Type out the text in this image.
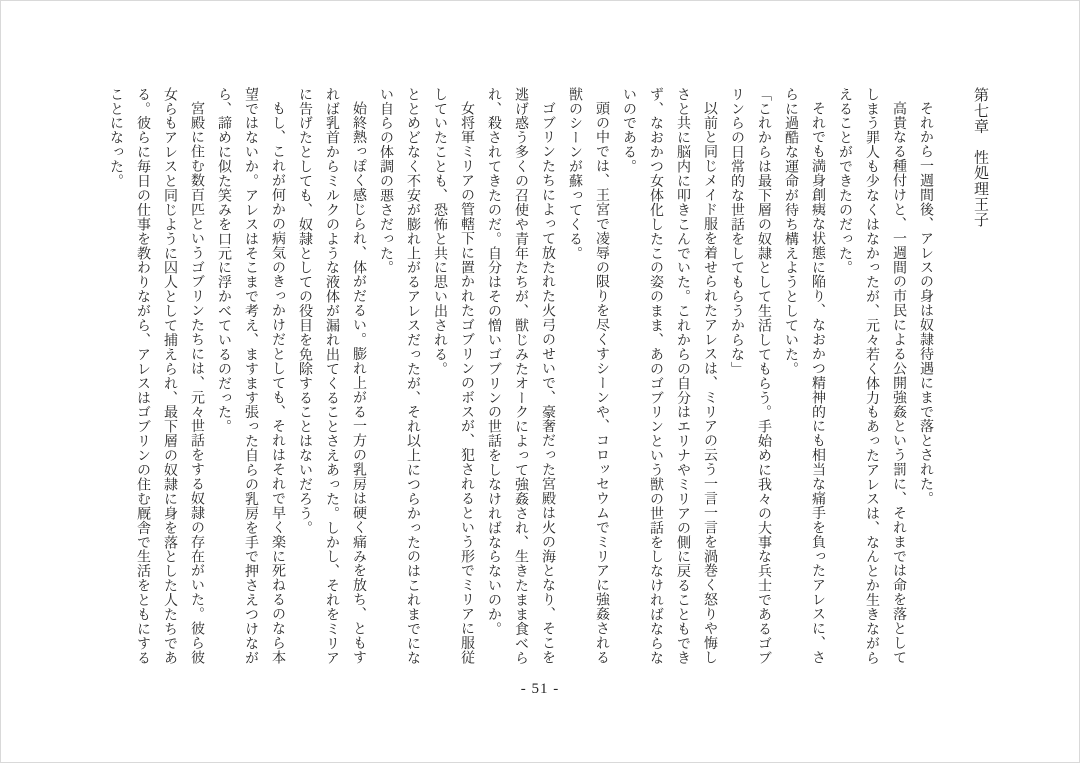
第七章　性処理王子

それから一週間後、アレスの身は奴隷待遇にまで落とされた。

高貴なる種付けと、一週間の市民による公開強姦という罰に、それまでは命を落としてしまう罪人も少なくはなかったが、元々若く体力もあったアレスは、なんとか生きながらえることができたのだった。

それでも満身創痍な状態に陥り、なおかつ精神的にも相当な痛手を負ったアレスに、さらに過酷な運命が待ち構えようとしていた。

「これからは最下層の奴隷として生活してもらう。手始めに我々の大事な兵士であるゴブリンらの日常的な世話をしてもらうからな」

以前と同じメイド服を着せられたアレスは、ミリアの云う一言一言を渦巻く怒りや悔しさと共に脳内に叩きこんでいた。これからの自分はエリナやミリアの側に戻ることもできず、なおかつ女体化したこの姿のまま、あのゴブリンという獣の世話をしなければならないのである。

頭の中では、王宮で凌辱の限りを尽くすシーンや、コロッセウムでミリアに強姦される獣のシーンが蘇ってくる。

ゴブリンたちによって放たれた火弓のせいで、豪奢だった宮殿は火の海となり、そこを逃げ惑う多くの召使や青年たちが、獣じみたオークによって強姦され、生きたまま食べられ、殺されてきたのだ。自分はその憎いゴブリンの世話をしなければならないのか。

女将軍ミリアの管轄下に置かれたゴブリンのボスが、犯されるという形でミリアに服従していたことも、恐怖と共に思い出される。

ととめどなく不安が膨れ上がるアレスだったが、それ以上につらかったのはこれまでにない自らの体調の悪さだった。

始終熱っぽく感じられ、体がだるい。膨れ上がる一方の乳房は硬く痛みを放ち、ともすれば乳首からミルクのような液体が漏れ出てくることさえあった。しかし、それをミリアに告げたとしても、奴隷としての役目を免除することはないだろう。

もし、これが何かの病気のきっかけだとしても、それはそれで早く楽に死ねるのなら本望ではないか。アレスはそこまで考え、ますます張った自らの乳房を手で押さえつけながら、諦めに似た笑みを口元に浮かべているのだった。

宮殿に住む数百匹というゴブリンたちには、元々世話をする奴隷の存在がいた。彼ら彼女らもアレスと同じように囚人として捕えられ、最下層の奴隷に身を落とした人たちである。彼らに毎日の仕事を教わりながら、アレスはゴブリンの住む厩舎で生活をともにすることになった。

- 51 -
